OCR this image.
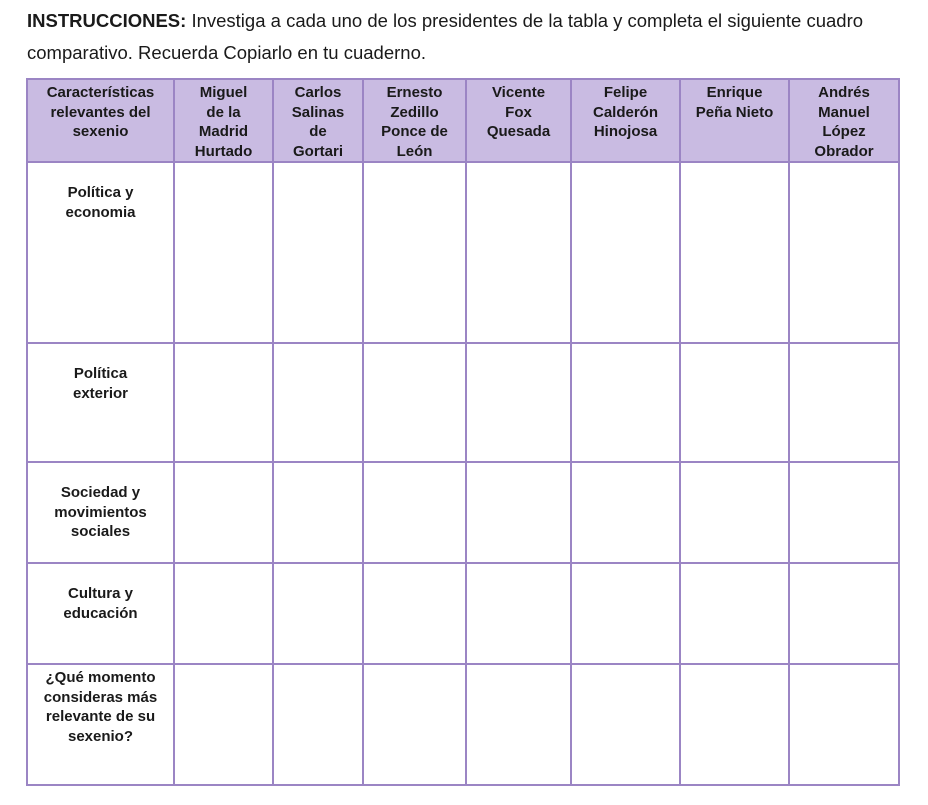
INSTRUCCIONES: Investiga a cada uno de los presidentes de la tabla y completa el siguiente cuadro comparativo. Recuerda Copiarlo en tu cuaderno.

Características relevantes del sexenio	Miguel de la Madrid Hurtado	Carlos Salinas de Gortari	Ernesto Zedillo Ponce de León	Vicente Fox Quesada	Felipe Calderón Hinojosa	Enrique Peña Nieto	Andrés Manuel López Obrador

Política y economia							

Política exterior							

Sociedad y movimientos sociales							

Cultura y educación							

¿Qué momento consideras más relevante de su sexenio?							
